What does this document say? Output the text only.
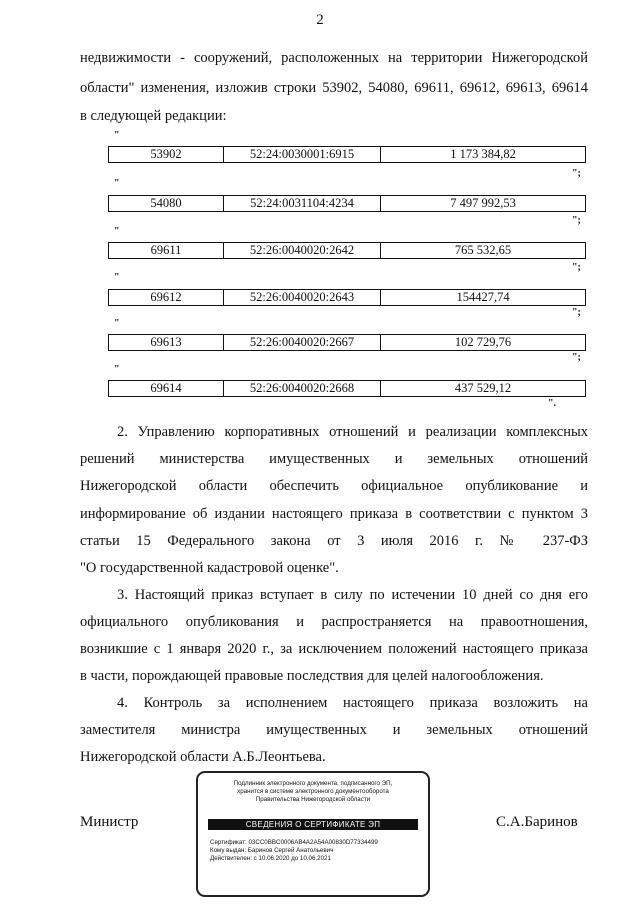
2
недвижимости - сооружений, расположенных на территории Нижегородской
области" изменения, изложив строки 53902, 54080, 69611, 69612, 69613, 69614
в следующей редакции:
"
53902	52:24:0030001:6915	1 173 384,82
";
"
54080	52:24:0031104:4234	7 497 992,53
";
"
69611	52:26:0040020:2642	765 532,65
";
"
69612	52:26:0040020:2643	154427,74
";
"
69613	52:26:0040020:2667	102 729,76
";
"
69614	52:26:0040020:2668	437 529,12
".
2. Управлению корпоративных отношений и реализации комплексных
решений министерства имущественных и земельных отношений
Нижегородской области обеспечить официальное опубликование и
информирование об издании настоящего приказа в соответствии с пунктом 3
статьи 15 Федерального закона от 3 июля 2016 г. № 237-ФЗ
"О государственной кадастровой оценке".
3. Настоящий приказ вступает в силу по истечении 10 дней со дня его
официального опубликования и распространяется на правоотношения,
возникшие с 1 января 2020 г., за исключением положений настоящего приказа
в части, порождающей правовые последствия для целей налогообложения.
4. Контроль за исполнением настоящего приказа возложить на
заместителя министра имущественных и земельных отношений
Нижегородской области А.Б.Леонтьева.
Министр	С.А.Баринов
Подлинник электронного документа, подписанного ЭП,
хранится в системе электронного документооборота
Правительства Нижегородской области
СВЕДЕНИЯ О СЕРТИФИКАТЕ ЭП
Сертификат: 03CC0BBC0006AB4A2A54A00830D77334499
Кому выдан: Баринов Сергей Анатольевич
Действителен: с 10.06.2020 до 10.06.2021
